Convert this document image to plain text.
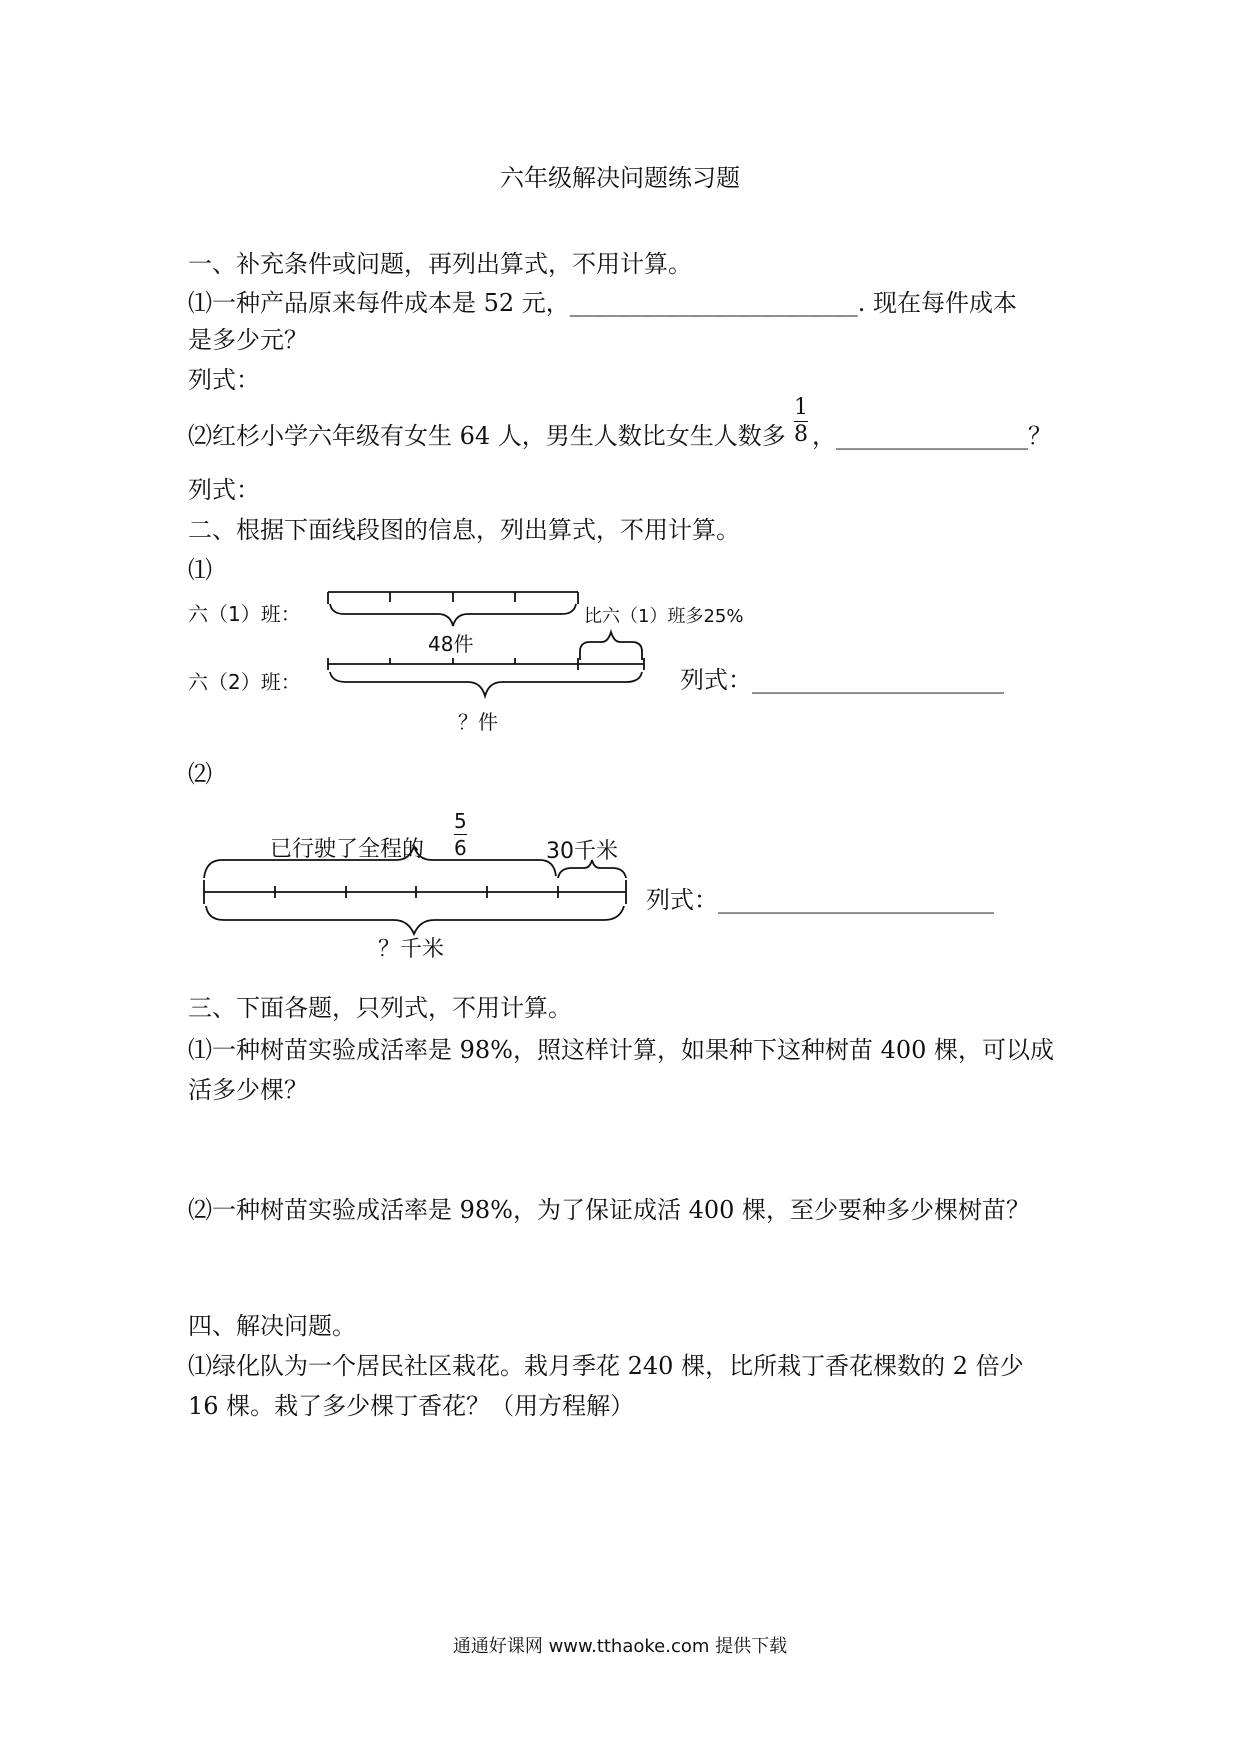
六年级解决问题练习题
一、补充条件或问题，再列出算式，不用计算。
⑴一种产品原来每件成本是 52 元，________________________. 现在每件成本
是多少元？
列式：
⑵红杉小学六年级有女生 64 人，男生人数比女生人数多 $\frac{1}{8}$ ，________________？
列式：
二、根据下面线段图的信息，列出算式，不用计算。
⑴
六（1）班：
六（2）班：
48件
比六（1）班多25%
？件
列式：_____________________
⑵
已行驶了全程的 $\frac{5}{6}$	30千米
？千米
列式：_______________________
三、下面各题，只列式，不用计算。
⑴一种树苗实验成活率是 98%，照这样计算，如果种下这种树苗 400 棵，可以成
活多少棵？
⑵一种树苗实验成活率是 98%，为了保证成活 400 棵，至少要种多少棵树苗？
四、解决问题。
⑴绿化队为一个居民社区栽花。栽月季花 240 棵，比所栽丁香花棵数的 2 倍少
16 棵。栽了多少棵丁香花？（用方程解）
通通好课网 www.tthaoke.com 提供下载
